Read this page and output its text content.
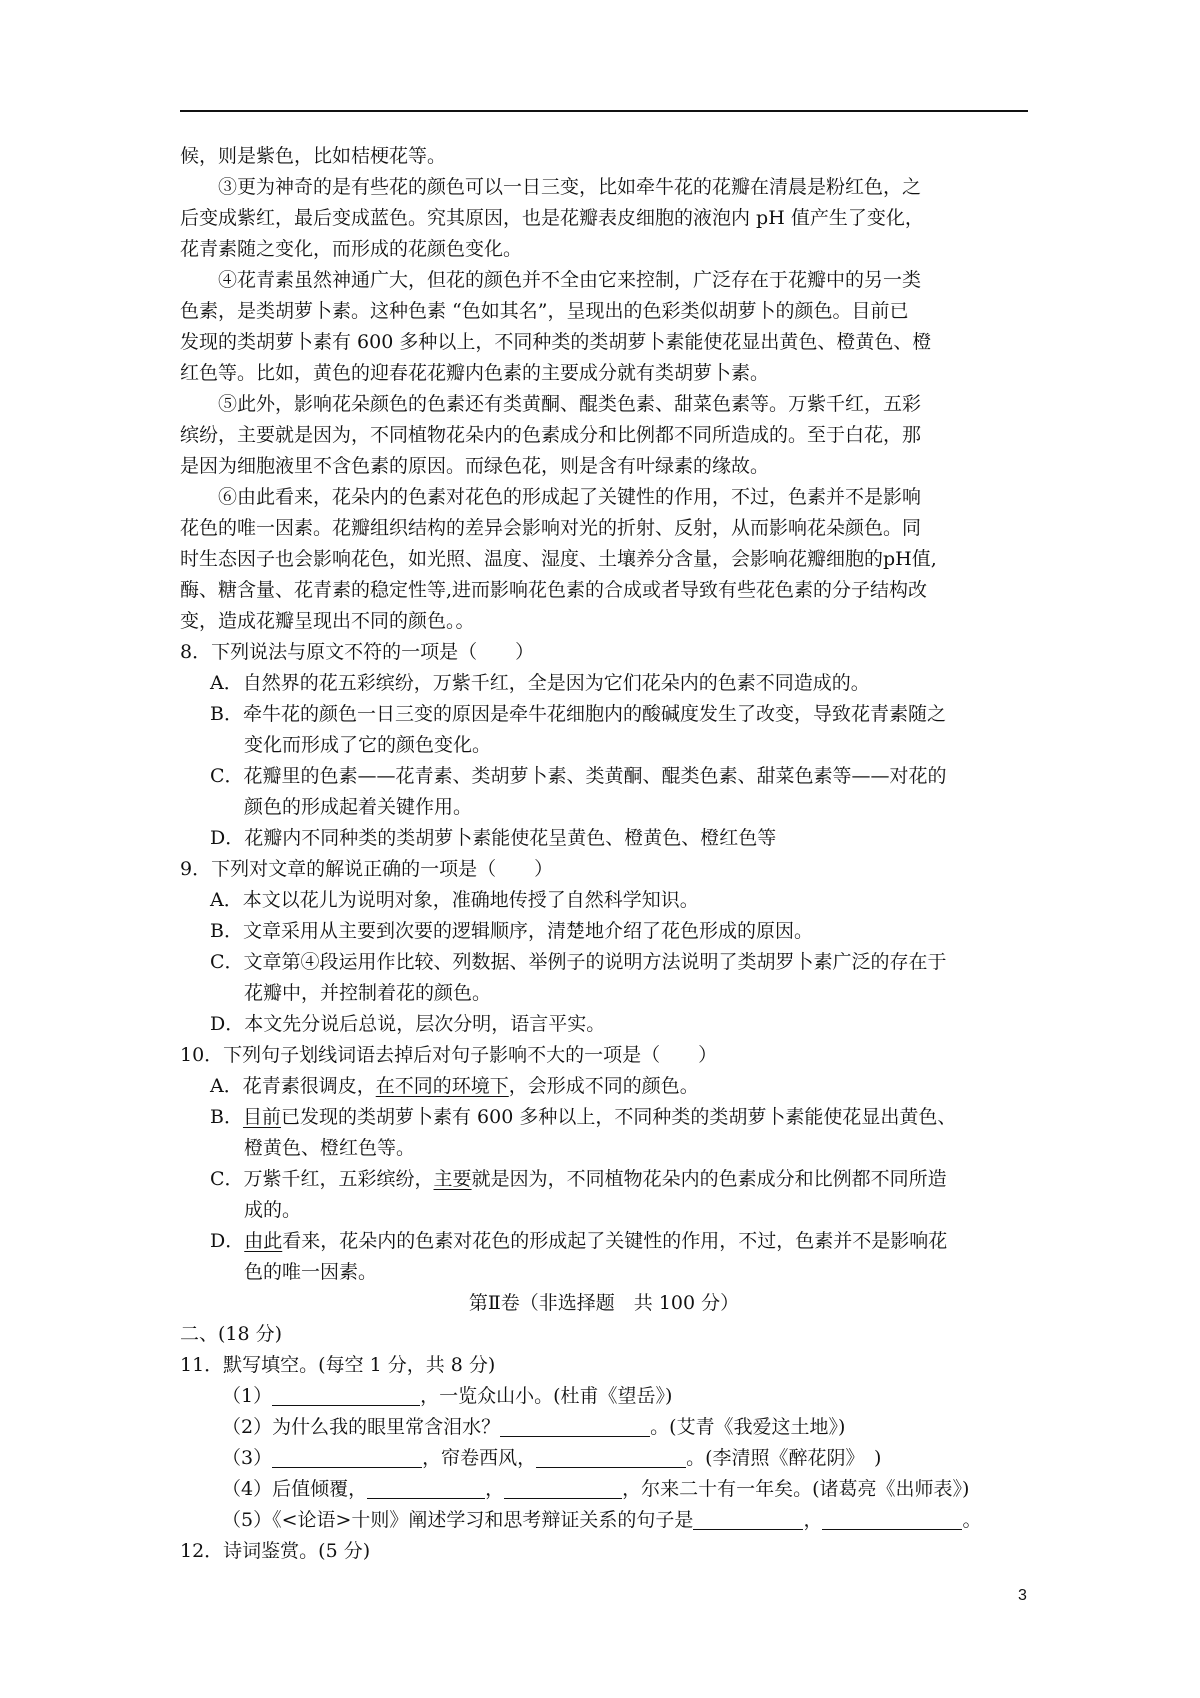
候，则是紫色，比如桔梗花等。
③更为神奇的是有些花的颜色可以一日三变，比如牵牛花的花瓣在清晨是粉红色，之
后变成紫红，最后变成蓝色。究其原因，也是花瓣表皮细胞的液泡内 pH 值产生了变化，
花青素随之变化，而形成的花颜色变化。
④花青素虽然神通广大，但花的颜色并不全由它来控制，广泛存在于花瓣中的另一类
色素，是类胡萝卜素。这种色素 “色如其名”，呈现出的色彩类似胡萝卜的颜色。目前已
发现的类胡萝卜素有 600 多种以上，不同种类的类胡萝卜素能使花显出黄色、橙黄色、橙
红色等。比如，黄色的迎春花花瓣内色素的主要成分就有类胡萝卜素。
⑤此外，影响花朵颜色的色素还有类黄酮、醌类色素、甜菜色素等。万紫千红，五彩
缤纷，主要就是因为，不同植物花朵内的色素成分和比例都不同所造成的。至于白花，那
是因为细胞液里不含色素的原因。而绿色花，则是含有叶绿素的缘故。
⑥由此看来，花朵内的色素对花色的形成起了关键性的作用，不过，色素并不是影响
花色的唯一因素。花瓣组织结构的差异会影响对光的折射、反射，从而影响花朵颜色。同
时生态因子也会影响花色，如光照、温度、湿度、土壤养分含量，会影响花瓣细胞的pH值,
酶、糖含量、花青素的稳定性等,进而影响花色素的合成或者导致有些花色素的分子结构改
变，造成花瓣呈现出不同的颜色。。
8．下列说法与原文不符的一项是（　　）
A．自然界的花五彩缤纷，万紫千红，全是因为它们花朵内的色素不同造成的。
B．牵牛花的颜色一日三变的原因是牵牛花细胞内的酸碱度发生了改变，导致花青素随之
变化而形成了它的颜色变化。
C．花瓣里的色素——花青素、类胡萝卜素、类黄酮、醌类色素、甜菜色素等——对花的
颜色的形成起着关键作用。
D．花瓣内不同种类的类胡萝卜素能使花呈黄色、橙黄色、橙红色等
9．下列对文章的解说正确的一项是（　　）
A．本文以花儿为说明对象，准确地传授了自然科学知识。
B．文章采用从主要到次要的逻辑顺序，清楚地介绍了花色形成的原因。
C．文章第④段运用作比较、列数据、举例子的说明方法说明了类胡罗卜素广泛的存在于
花瓣中，并控制着花的颜色。
D．本文先分说后总说，层次分明，语言平实。
10．下列句子划线词语去掉后对句子影响不大的一项是（　　）
A．花青素很调皮，在不同的环境下，会形成不同的颜色。
B．目前已发现的类胡萝卜素有 600 多种以上，不同种类的类胡萝卜素能使花显出黄色、
橙黄色、橙红色等。
C．万紫千红，五彩缤纷，主要就是因为，不同植物花朵内的色素成分和比例都不同所造
成的。
D．由此看来，花朵内的色素对花色的形成起了关键性的作用，不过，色素并不是影响花
色的唯一因素。
第Ⅱ卷（非选择题　共 100 分）
二、(18 分)
11．默写填空。(每空 1 分，共 8 分)
（1）	，一览众山小。(杜甫《望岳》)
（2）为什么我的眼里常含泪水？	。(艾青《我爱这土地》)
（3）	，帘卷西风，	。(李清照《醉花阴》　)
（4）后值倾覆，	，	，尔来二十有一年矣。(诸葛亮《出师表》)
（5）《<论语>十则》阐述学习和思考辩证关系的句子是	，	。
12．诗词鉴赏。(5 分)
3
